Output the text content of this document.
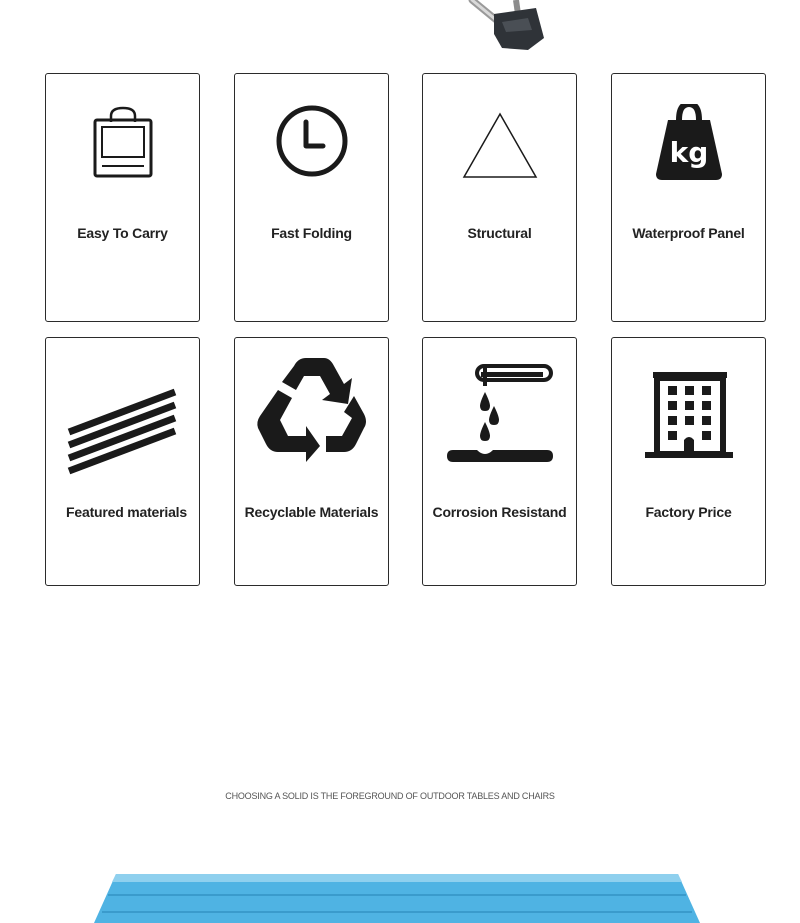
Easy To Carry	Fast Folding	Structural
kg
Waterproof Panel
Featured materials	Recyclable Materials	Corrosion Resistand	Factory Price
CHOOSING A SOLID IS THE FOREGROUND OF OUTDOOR TABLES AND CHAIRS
